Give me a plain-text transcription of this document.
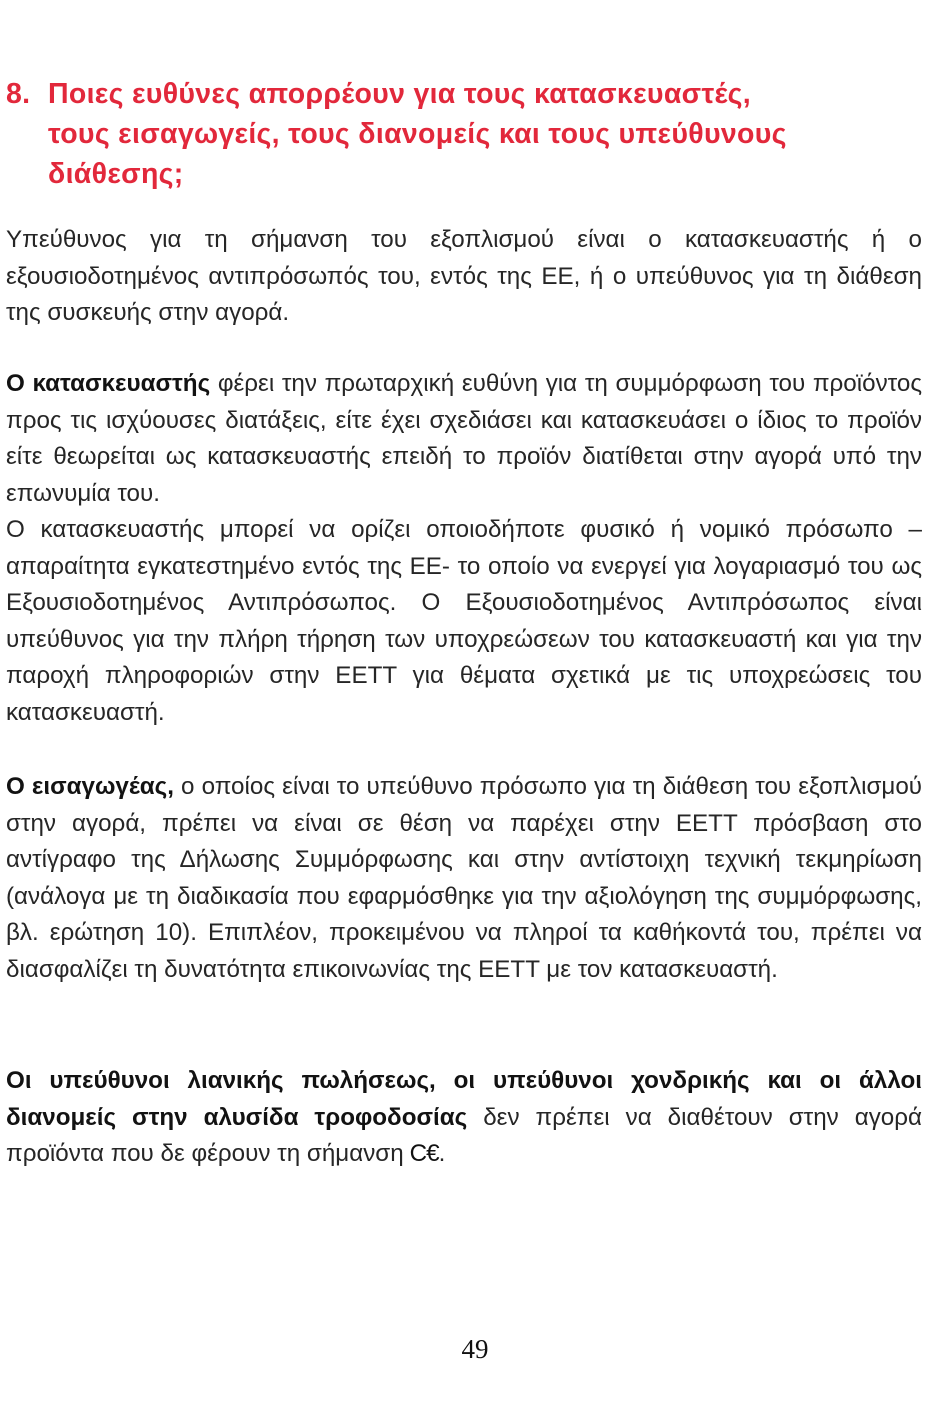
8. Ποιες ευθύνες απορρέουν για τους κατασκευαστές,
τους εισαγωγείς, τους διανομείς και τους υπεύθυνους
διάθεσης;

Υπεύθυνος για τη σήμανση του εξοπλισμού είναι ο κατασκευαστής ή ο εξουσιοδοτημένος αντιπρόσωπός του, εντός της ΕΕ, ή ο υπεύθυνος για τη διάθεση της συσκευής στην αγορά.

Ο κατασκευαστής φέρει την πρωταρχική ευθύνη για τη συμμόρφωση του προϊόντος προς τις ισχύουσες διατάξεις, είτε έχει σχεδιάσει και κατασκευάσει ο ίδιος το προϊόν είτε θεωρείται ως κατασκευαστής επειδή το προϊόν διατίθεται στην αγορά υπό την επωνυμία του.
Ο κατασκευαστής μπορεί να ορίζει οποιοδήποτε φυσικό ή νομικό πρόσωπο –απαραίτητα εγκατεστημένο εντός της ΕΕ- το οποίο να ενεργεί για λογαριασμό του ως Εξουσιοδοτημένος Αντιπρόσωπος. Ο Εξουσιοδοτημένος Αντιπρόσωπος είναι υπεύθυνος για την πλήρη τήρηση των υποχρεώσεων του κατασκευαστή και για την παροχή πληροφοριών στην ΕΕΤΤ για θέματα σχετικά με τις υποχρεώσεις του κατασκευαστή.

Ο εισαγωγέας, ο οποίος είναι το υπεύθυνο πρόσωπο για τη διάθεση του εξοπλισμού στην αγορά, πρέπει να είναι σε θέση να παρέχει στην ΕΕΤΤ πρόσβαση στο αντίγραφο της Δήλωσης Συμμόρφωσης και στην αντίστοιχη τεχνική τεκμηρίωση (ανάλογα με τη διαδικασία που εφαρμόσθηκε για την αξιολόγηση της συμμόρφωσης, βλ. ερώτηση 10). Επιπλέον, προκειμένου να πληροί τα καθήκοντά του, πρέπει να διασφαλίζει τη δυνατότητα επικοινωνίας της ΕΕΤΤ με τον κατασκευαστή.

Οι υπεύθυνοι λιανικής πωλήσεως, οι υπεύθυνοι χονδρικής και οι άλλοι διανομείς στην αλυσίδα τροφοδοσίας δεν πρέπει να διαθέτουν στην αγορά προϊόντα που δε φέρουν τη σήμανση C€.

49
